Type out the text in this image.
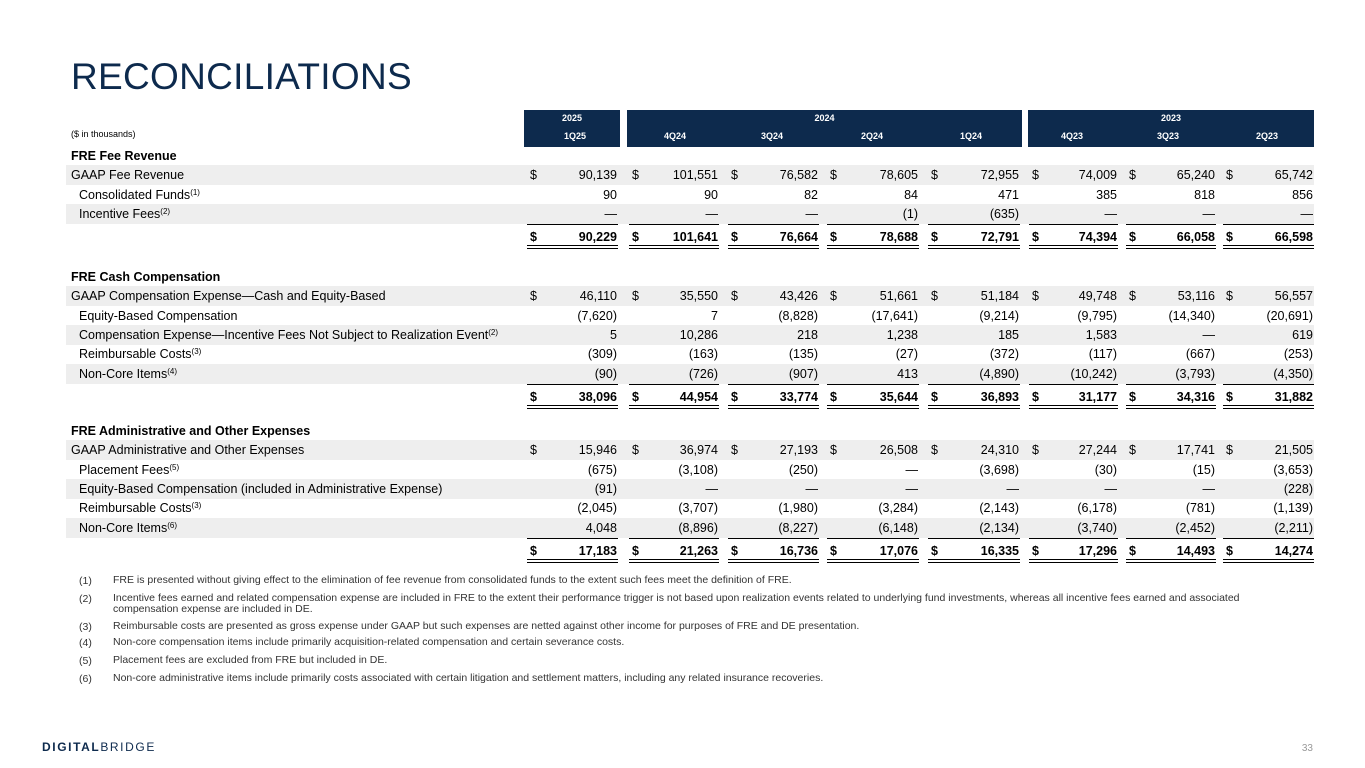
RECONCILIATIONS
2025	2024	2023
($ in thousands)	1Q25	4Q24	3Q24	2Q24	1Q24	4Q23	3Q23	2Q23
FRE Fee Revenue
GAAP Fee Revenue	$	90,139 $	101,551 $	76,582 $	78,605 $	72,955 $	74,009 $	65,240 $	65,742
Consolidated Funds$^{(1)}$	90	90	82	84	471	385	818	856
Incentive Fees$^{(2)}$	—	—	—	(1)	(635)	—	—	—
$	90,229 $	101,641 $	76,664 $	78,688 $	72,791 $	74,394 $	66,058 $	66,598
FRE Cash Compensation
GAAP Compensation Expense—Cash and Equity-Based	$	46,110 $	35,550 $	43,426 $	51,661 $	51,184 $	49,748 $	53,116 $	56,557
Equity-Based Compensation	(7,620)	7	(8,828)	(17,641)	(9,214)	(9,795)	(14,340)	(20,691)
Compensation Expense—Incentive Fees Not Subject to Realization Event$^{(2)}$	5	10,286	218	1,238	185	1,583	—	619
Reimbursable Costs$^{(3)}$	(309)	(163)	(135)	(27)	(372)	(117)	(667)	(253)
Non-Core Items$^{(4)}$	(90)	(726)	(907)	413	(4,890)	(10,242)	(3,793)	(4,350)
$	38,096 $	44,954 $	33,774 $	35,644 $	36,893 $	31,177 $	34,316 $	31,882
FRE Administrative and Other Expenses
GAAP Administrative and Other Expenses	$	15,946 $	36,974 $	27,193 $	26,508 $	24,310 $	27,244 $	17,741 $	21,505
Placement Fees$^{(5)}$	(675)	(3,108)	(250)	—	(3,698)	(30)	(15)	(3,653)
Equity-Based Compensation (included in Administrative Expense)	(91)	—	—	—	—	—	—	(228)
Reimbursable Costs$^{(3)}$	(2,045)	(3,707)	(1,980)	(3,284)	(2,143)	(6,178)	(781)	(1,139)
Non-Core Items$^{(6)}$	4,048	(8,896)	(8,227)	(6,148)	(2,134)	(3,740)	(2,452)	(2,211)
$	17,183 $	21,263 $	16,736 $	17,076 $	16,335 $	17,296 $	14,493 $	14,274
(1) FRE is presented without giving effect to the elimination of fee revenue from consolidated funds to the extent such fees meet the definition of FRE.
(2) Incentive fees earned and related compensation expense are included in FRE to the extent their performance trigger is not based upon realization events related to underlying fund investments, whereas all incentive fees earned and associated compensation expense are included in DE.
(3) Reimbursable costs are presented as gross expense under GAAP but such expenses are netted against other income for purposes of FRE and DE presentation.
(4) Non-core compensation items include primarily acquisition-related compensation and certain severance costs.
(5) Placement fees are excluded from FRE but included in DE.
(6) Non-core administrative items include primarily costs associated with certain litigation and settlement matters, including any related insurance recoveries.
DIGITALBRIDGE	33
